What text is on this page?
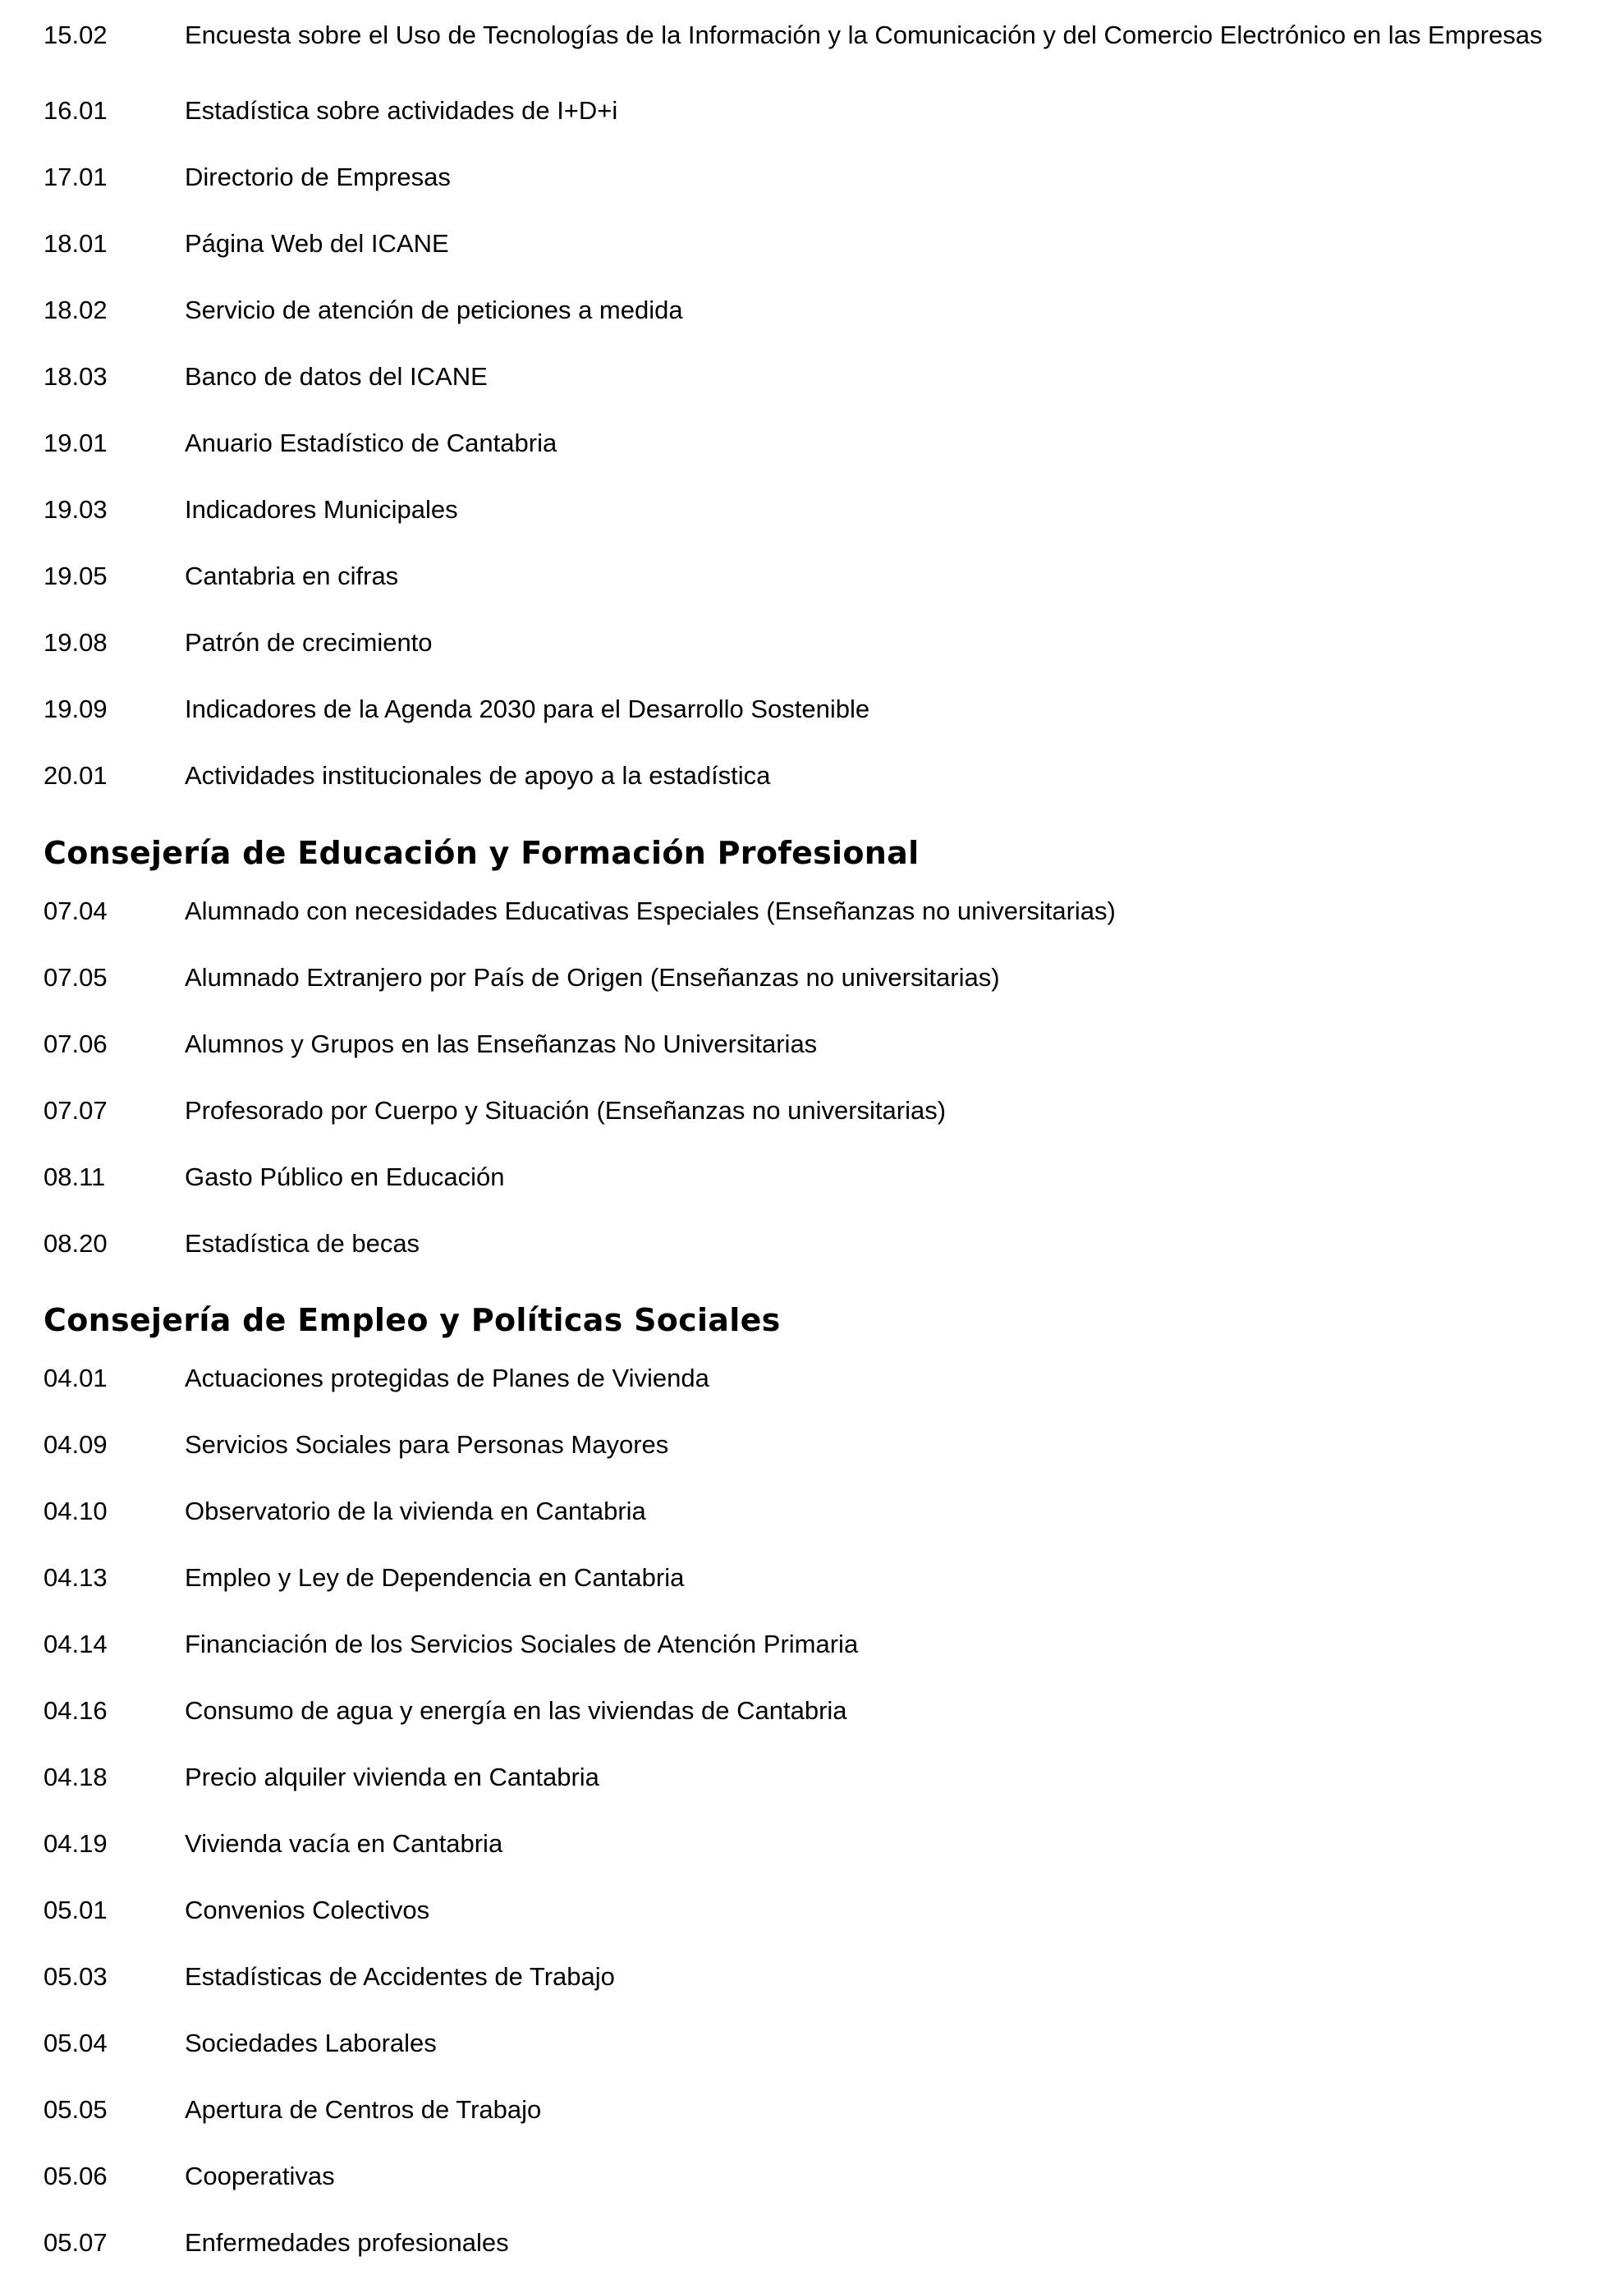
15.02	Encuesta sobre el Uso de Tecnologías de la Información y la Comunicación y del Comercio Electrónico en las Empresas
16.01	Estadística sobre actividades de I+D+i
17.01	Directorio de Empresas
18.01	Página Web del ICANE
18.02	Servicio de atención de peticiones a medida
18.03	Banco de datos del ICANE
19.01	Anuario Estadístico de Cantabria
19.03	Indicadores Municipales
19.05	Cantabria en cifras
19.08	Patrón de crecimiento
19.09	Indicadores de la Agenda 2030 para el Desarrollo Sostenible
20.01	Actividades institucionales de apoyo a la estadística
Consejería de Educación y Formación Profesional
07.04	Alumnado con necesidades Educativas Especiales (Enseñanzas no universitarias)
07.05	Alumnado Extranjero por País de Origen (Enseñanzas no universitarias)
07.06	Alumnos y Grupos en las Enseñanzas No Universitarias
07.07	Profesorado por Cuerpo y Situación (Enseñanzas no universitarias)
08.11	Gasto Público en Educación
08.20	Estadística de becas
Consejería de Empleo y Políticas Sociales
04.01	Actuaciones protegidas de Planes de Vivienda
04.09	Servicios Sociales para Personas Mayores
04.10	Observatorio de la vivienda en Cantabria
04.13	Empleo y Ley de Dependencia en Cantabria
04.14	Financiación de los Servicios Sociales de Atención Primaria
04.16	Consumo de agua y energía en las viviendas de Cantabria
04.18	Precio alquiler vivienda en Cantabria
04.19	Vivienda vacía en Cantabria
05.01	Convenios Colectivos
05.03	Estadísticas de Accidentes de Trabajo
05.04	Sociedades Laborales
05.05	Apertura de Centros de Trabajo
05.06	Cooperativas
05.07	Enfermedades profesionales
